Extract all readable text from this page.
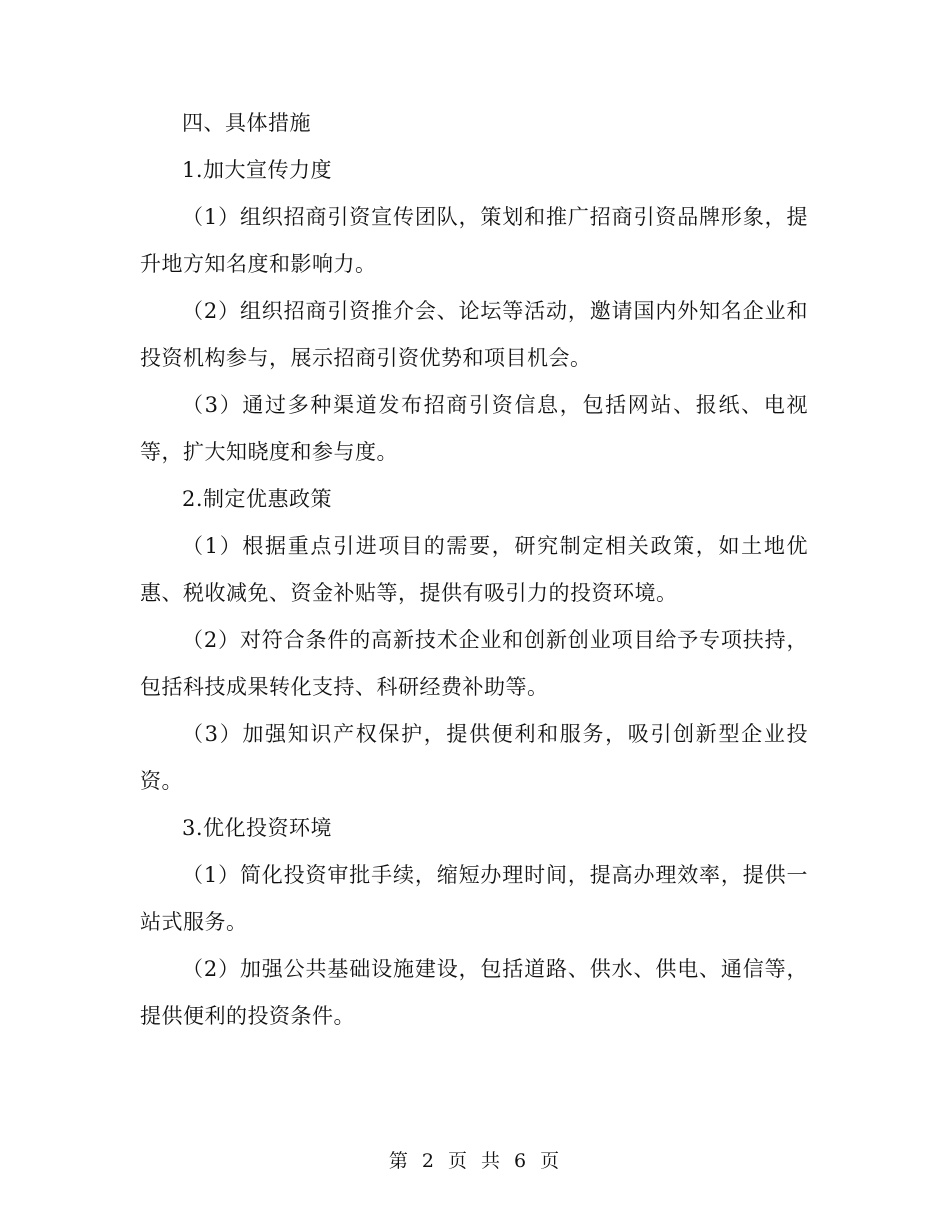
四、具体措施

1.加大宣传力度

（1）组织招商引资宣传团队，策划和推广招商引资品牌形象，提升地方知名度和影响力。

（2）组织招商引资推介会、论坛等活动，邀请国内外知名企业和投资机构参与，展示招商引资优势和项目机会。

（3）通过多种渠道发布招商引资信息，包括网站、报纸、电视等，扩大知晓度和参与度。

2.制定优惠政策

（1）根据重点引进项目的需要，研究制定相关政策，如土地优惠、税收减免、资金补贴等，提供有吸引力的投资环境。

（2）对符合条件的高新技术企业和创新创业项目给予专项扶持，包括科技成果转化支持、科研经费补助等。

（3）加强知识产权保护，提供便利和服务，吸引创新型企业投资。

3.优化投资环境

（1）简化投资审批手续，缩短办理时间，提高办理效率，提供一站式服务。

（2）加强公共基础设施建设，包括道路、供水、供电、通信等，提供便利的投资条件。

第 2 页 共 6 页
